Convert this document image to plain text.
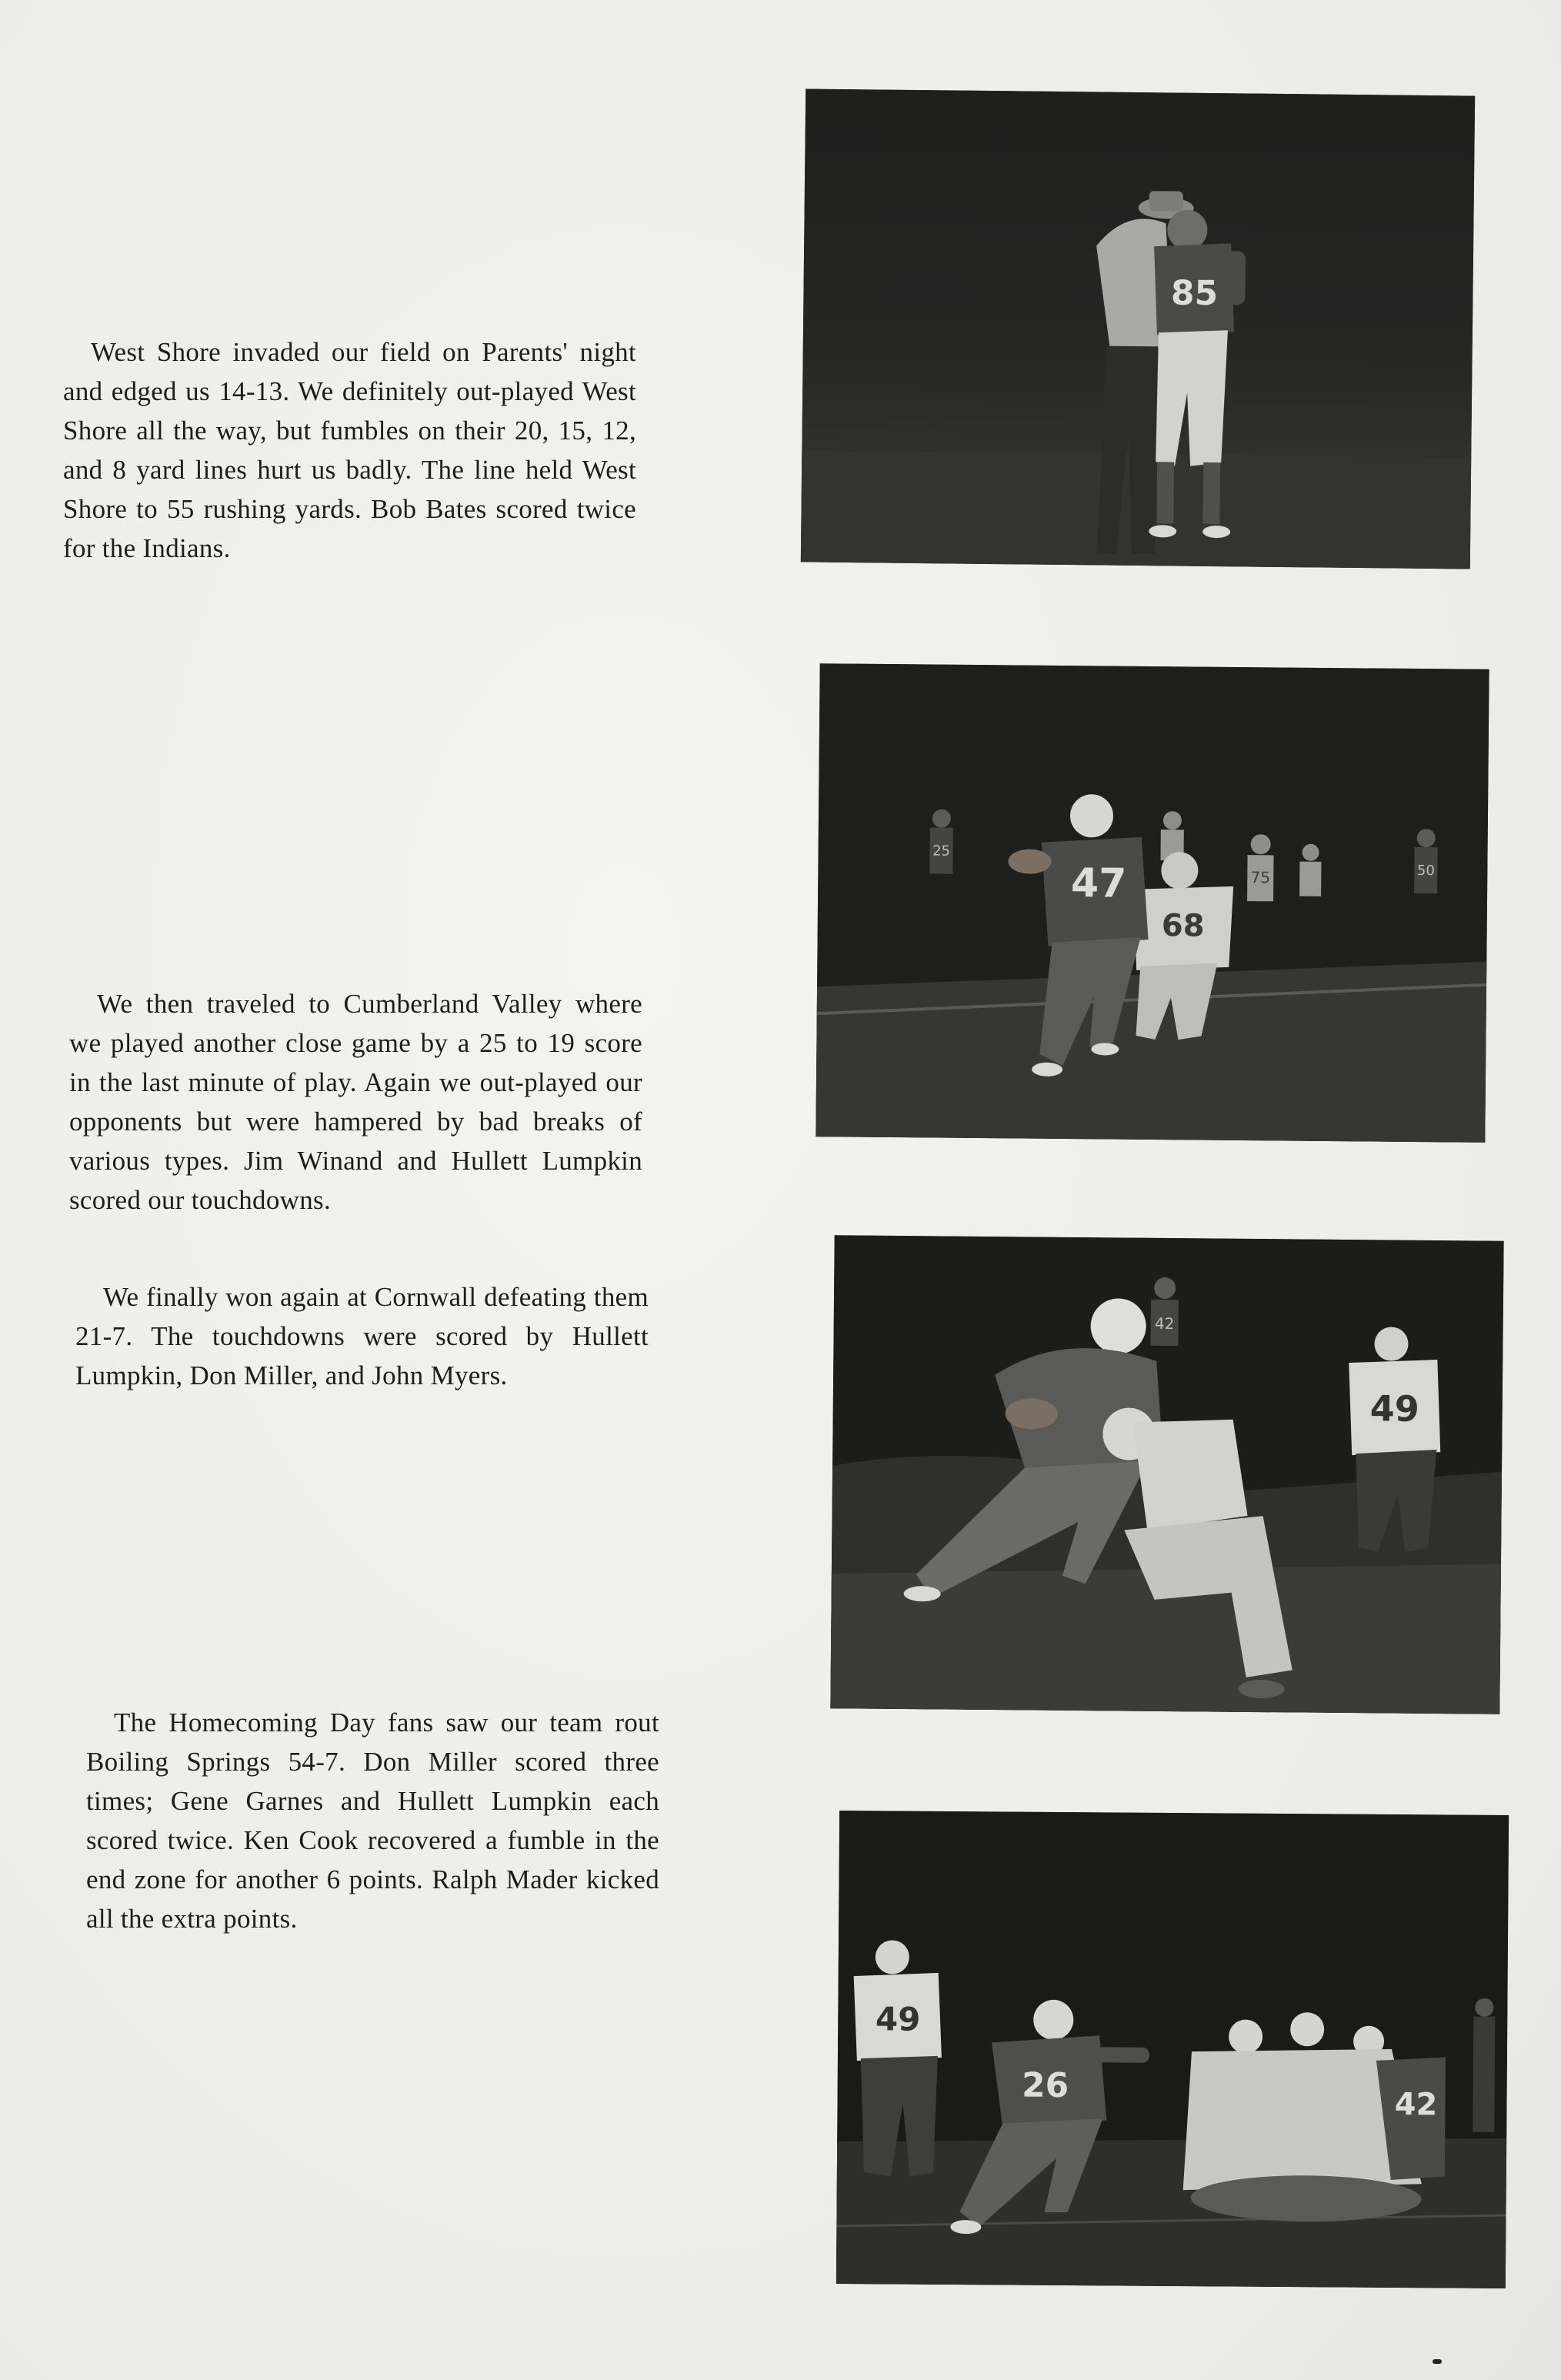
West Shore invaded our field on Parents' night and edged us 14-13. We definitely out-played West Shore all the way, but fumbles on their 20, 15, 12, and 8 yard lines hurt us badly. The line held West Shore to 55 rushing yards. Bob Bates scored twice for the Indians.

We then traveled to Cumberland Valley where we played another close game by a 25 to 19 score in the last minute of play. Again we out-played our opponents but were hampered by bad breaks of various types. Jim Winand and Hullett Lumpkin scored our touchdowns.

We finally won again at Cornwall defeating them 21-7. The touchdowns were scored by Hullett Lumpkin, Don Miller, and John Myers.

The Homecoming Day fans saw our team rout Boiling Springs 54-7. Don Miller scored three times; Gene Garnes and Hullett Lumpkin each scored twice. Ken Cook recovered a fumble in the end zone for another 6 points. Ralph Mader kicked all the extra points.

85
25
75	50
68
47
42
49
49
26	42
